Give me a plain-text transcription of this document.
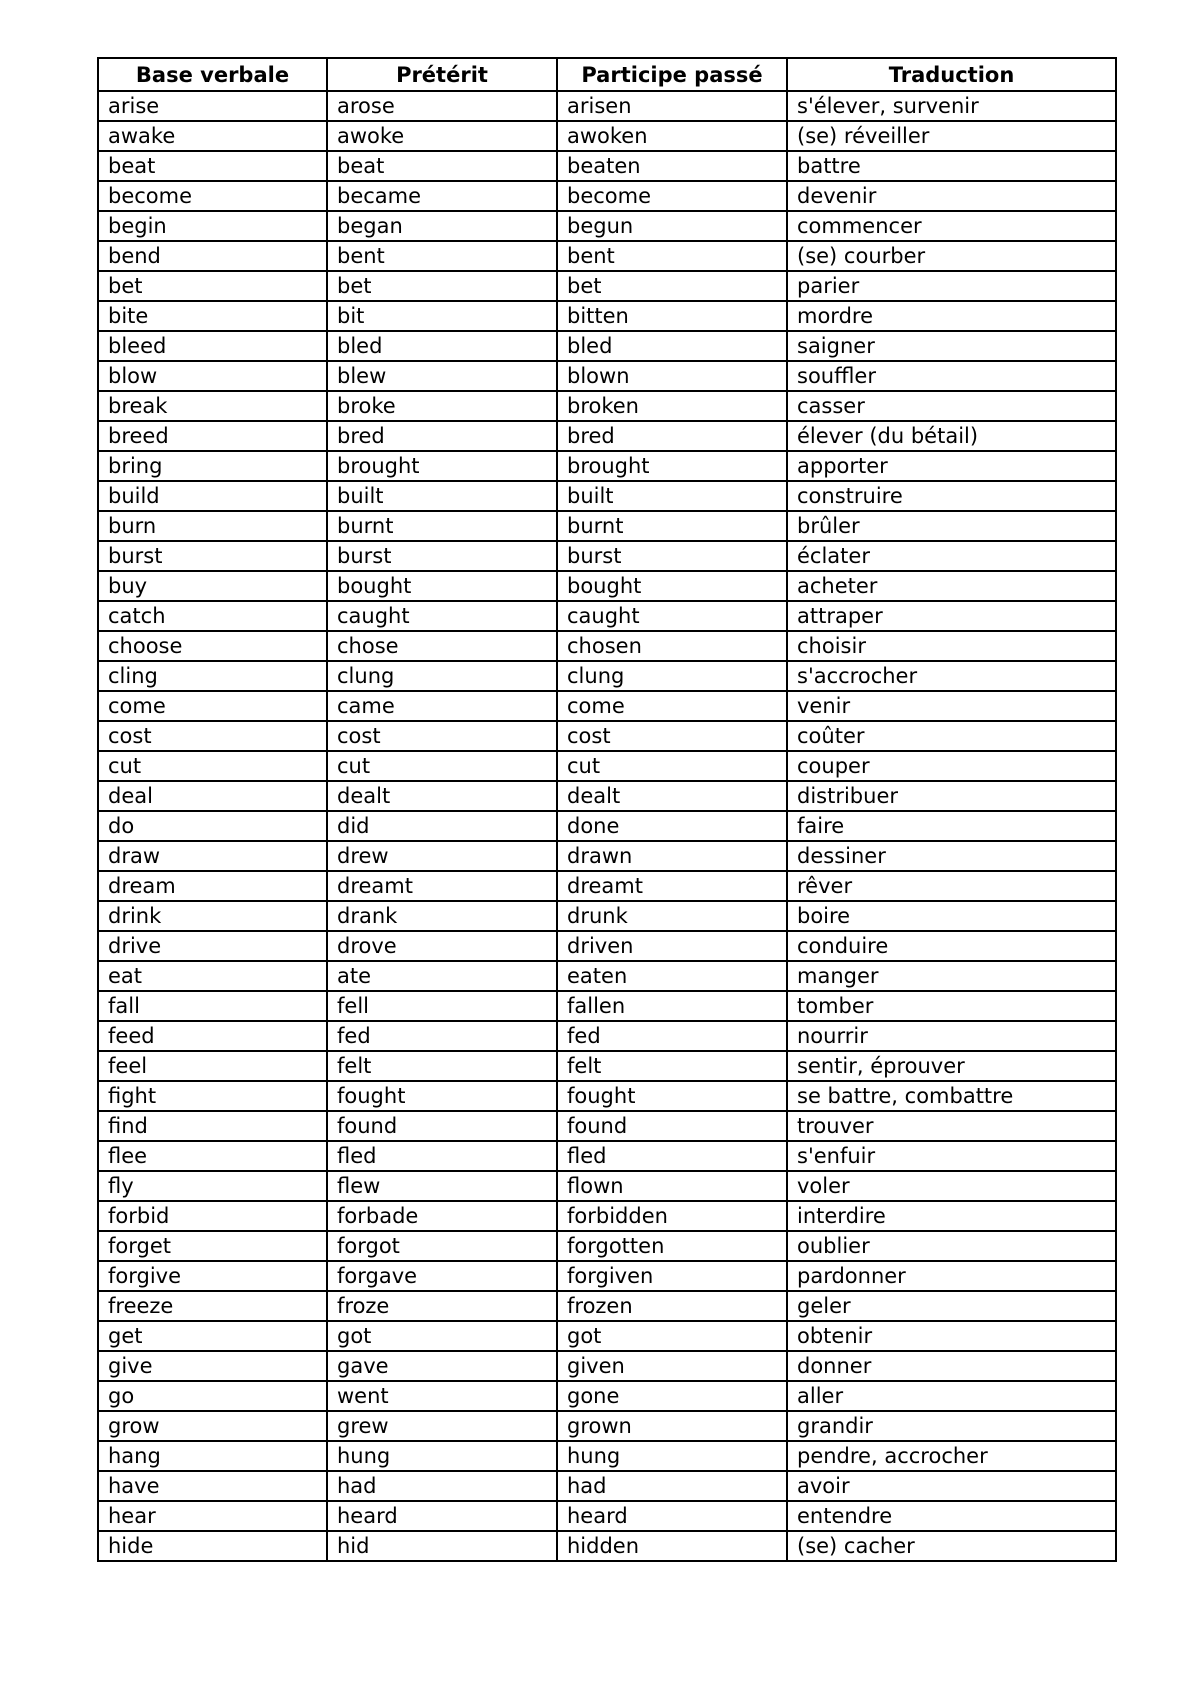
Base verbale	Prétérit	Participe passé	Traduction
arise	arose	arisen	s'élever, survenir
awake	awoke	awoken	(se) réveiller
beat	beat	beaten	battre
become	became	become	devenir
begin	began	begun	commencer
bend	bent	bent	(se) courber
bet	bet	bet	parier
bite	bit	bitten	mordre
bleed	bled	bled	saigner
blow	blew	blown	souffler
break	broke	broken	casser
breed	bred	bred	élever (du bétail)
bring	brought	brought	apporter
build	built	built	construire
burn	burnt	burnt	brûler
burst	burst	burst	éclater
buy	bought	bought	acheter
catch	caught	caught	attraper
choose	chose	chosen	choisir
cling	clung	clung	s'accrocher
come	came	come	venir
cost	cost	cost	coûter
cut	cut	cut	couper
deal	dealt	dealt	distribuer
do	did	done	faire
draw	drew	drawn	dessiner
dream	dreamt	dreamt	rêver
drink	drank	drunk	boire
drive	drove	driven	conduire
eat	ate	eaten	manger
fall	fell	fallen	tomber
feed	fed	fed	nourrir
feel	felt	felt	sentir, éprouver
fight	fought	fought	se battre, combattre
find	found	found	trouver
flee	fled	fled	s'enfuir
fly	flew	flown	voler
forbid	forbade	forbidden	interdire
forget	forgot	forgotten	oublier
forgive	forgave	forgiven	pardonner
freeze	froze	frozen	geler
get	got	got	obtenir
give	gave	given	donner
go	went	gone	aller
grow	grew	grown	grandir
hang	hung	hung	pendre, accrocher
have	had	had	avoir
hear	heard	heard	entendre
hide	hid	hidden	(se) cacher
